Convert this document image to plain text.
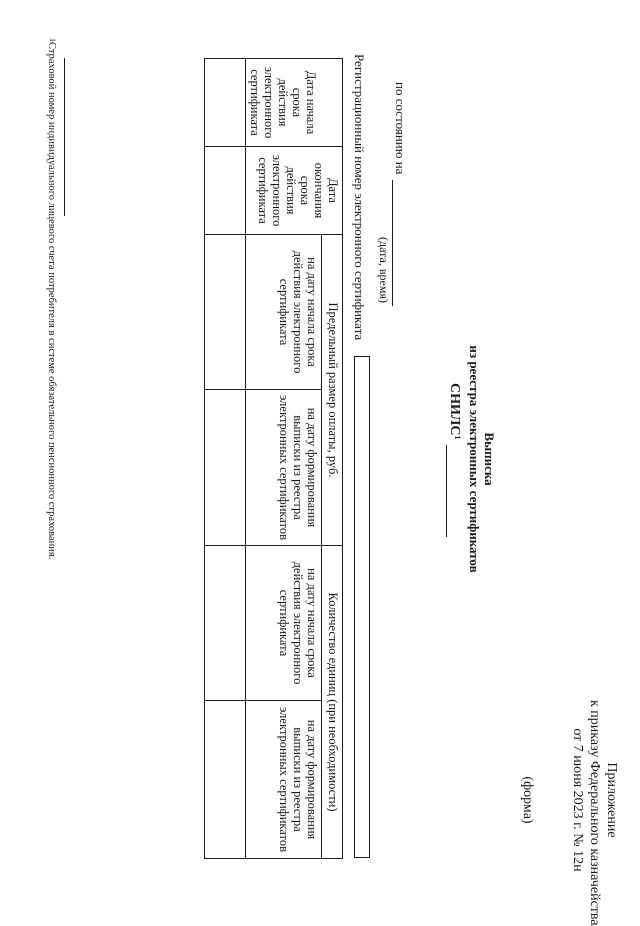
Приложение
к приказу Федерального казначейства
от 7 июня 2023 г. № 12н
(форма)
Выписка
из реестра электронных сертификатов
СНИЛС$^1$
по состоянию на
(дата, время)
Регистрационный номер электронного сертификата
Дата начала срока действия электронного сертификата	Дата окончания срока действия электронного сертификата	Предельный размер оплаты, руб.		Количество единиц (при необходимости)	
		на дату начала срока действия электронного сертификата	на дату формирования выписки из реестра электронных сертификатов	на дату начала срока действия электронного сертификата	на дату формирования выписки из реестра электронных сертификатов

$^1$Страховой номер индивидуального лицевого счета потребителя в системе обязательного пенсионного страхования.
